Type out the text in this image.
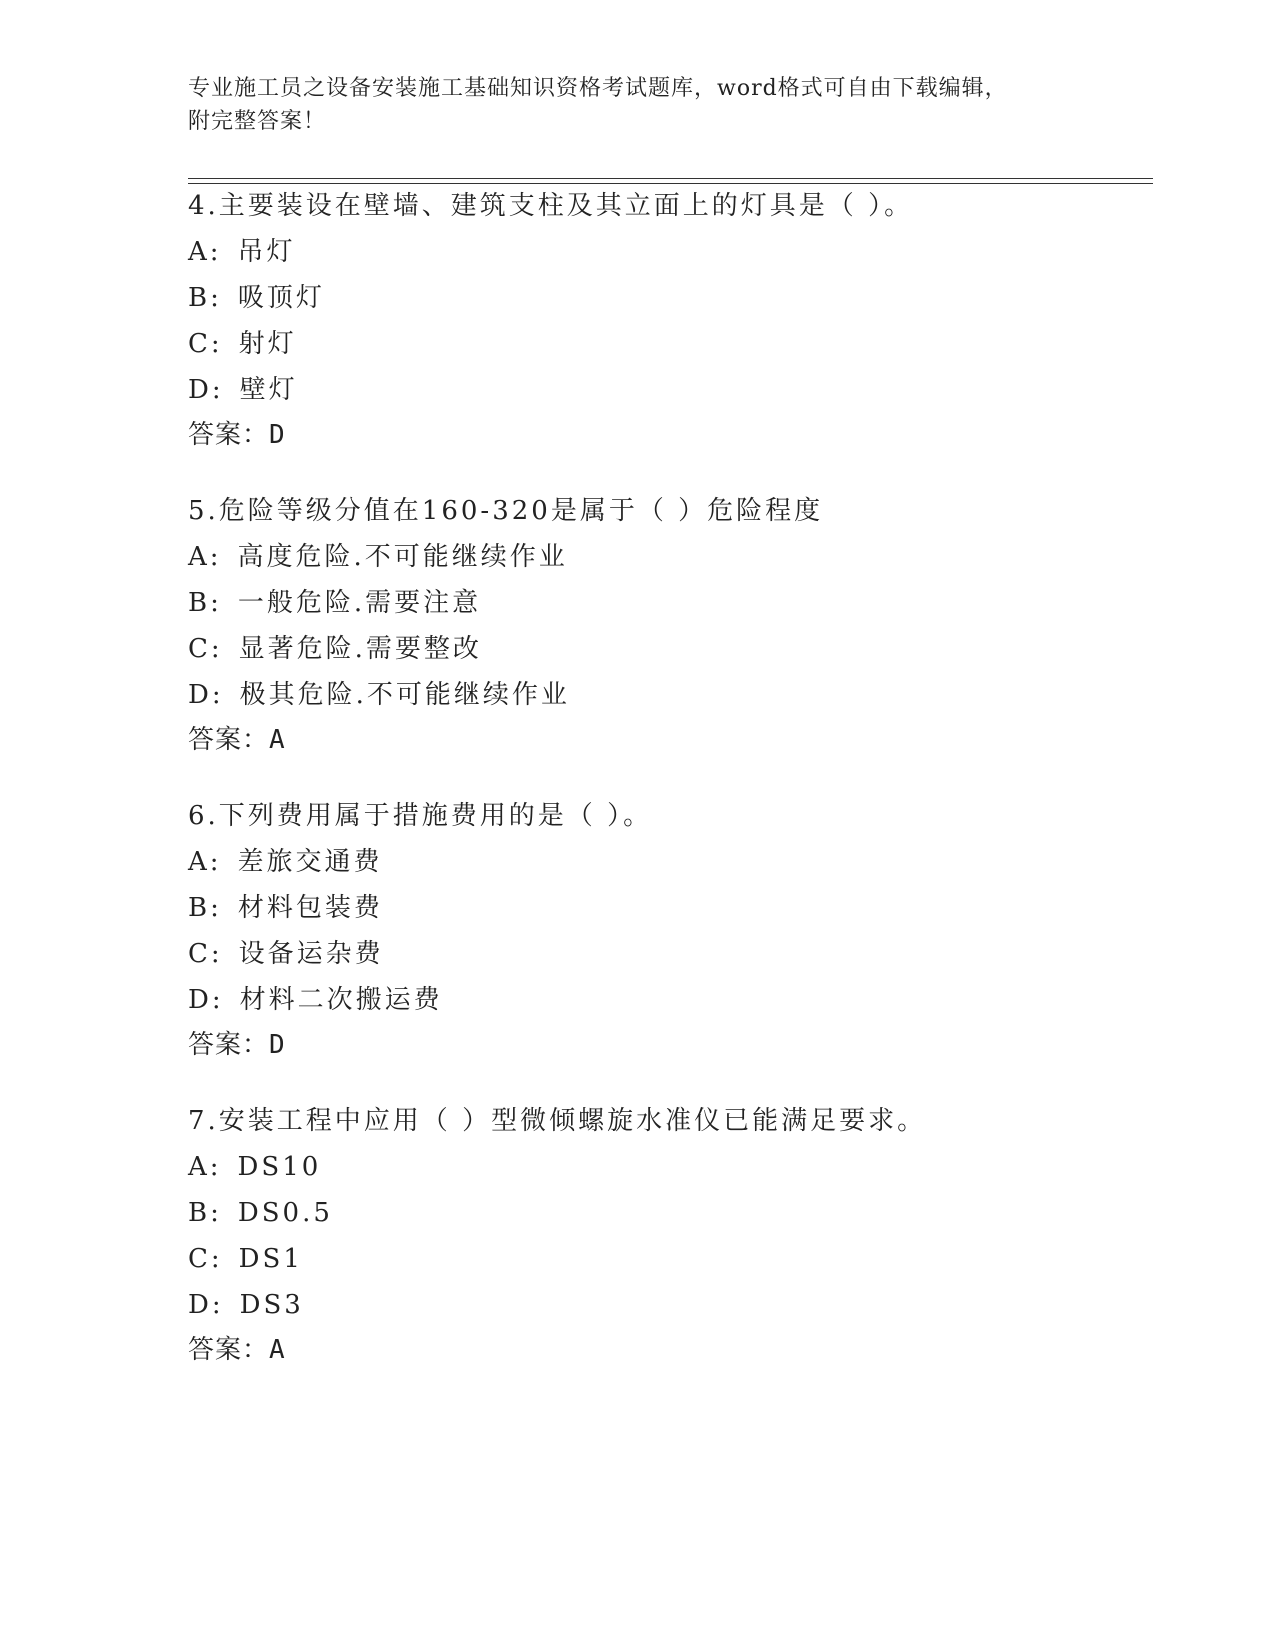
专业施工员之设备安装施工基础知识资格考试题库，word格式可自由下载编辑，
附完整答案！
4.主要装设在壁墙、建筑支柱及其立面上的灯具是（ ）。
A: 吊灯
B: 吸顶灯
C: 射灯
D: 壁灯
答案：D
5.危险等级分值在160-320是属于（ ）危险程度
A: 高度危险.不可能继续作业
B: 一般危险.需要注意
C: 显著危险.需要整改
D: 极其危险.不可能继续作业
答案：A
6.下列费用属于措施费用的是（ ）。
A: 差旅交通费
B: 材料包装费
C: 设备运杂费
D: 材料二次搬运费
答案：D
7.安装工程中应用（ ）型微倾螺旋水准仪已能满足要求。
A: DS10
B: DS0.5
C: DS1
D: DS3
答案：A
